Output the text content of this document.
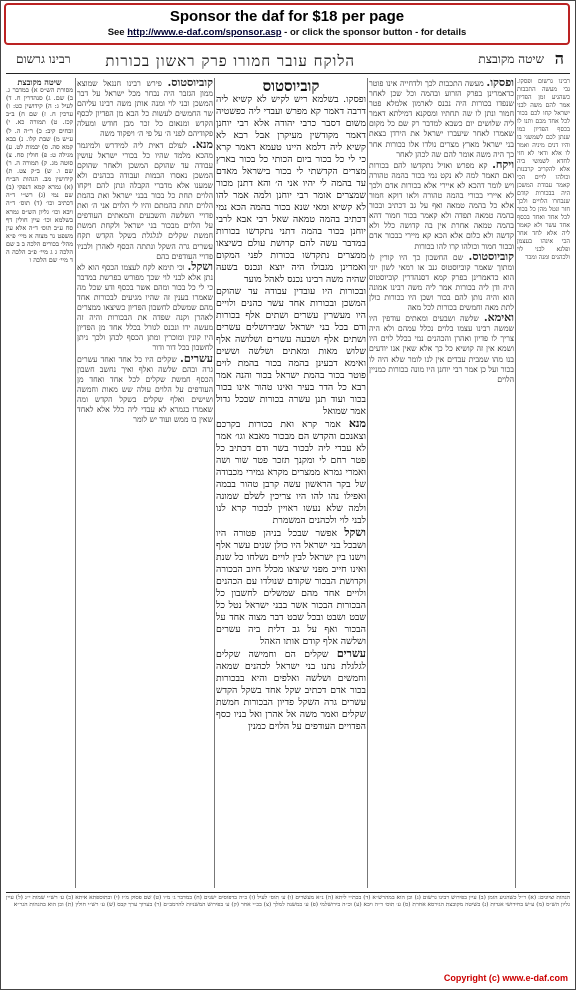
Sponsor the daf for $18 per page
See http://www.e-daf.com/sponsor.asp - or click the sponsor button - for details
ה
שיטה מקובצת
הלוקח עובר חמורו פרק ראשון בכורות
רבינו גרשום

רבינו גרשום ופסקו. גבי מעשה התכבות כשהגיע זמן הפדיון אמר להם משה לבני ישראל קחו לכם בכור לכל אחד מכם ותנו לו בכסף הפדיון כמו שנתן לכם לשמשני בו והיו דנים מיניה ואמר לו אלא ודאי לא חזי לחדא לשמשי ביה אלא להקריב קרבנות וכולהו לויים הכי קאמר עבודת המשכן היה בבכורות קודם שנבחרו הלויים ולכך חזר ונטל מהן כל בכור לכל אחד ואחד בכסף אחד עשר ולא קאמר ליה אלא לחד אחר הכי אינהו בעצמן ופלגא לבני לוי ולכהנים ומנה ומכר

ופסקו. מעשה התכבות לכך ולדחייה אינו פוטר כדאמרינן בפרק הזרוע ובהמה וכל שכן לאחר שנפדו בכורות היה נכנס לארמון אלמלא פטר חמור ונתן לו שה תחתיו ומסקנא דמילתא דאמר ליה שלושים יום כשבא למדבר רק שם כל מקום שאמרו לאחר שיעברו ישראל את הירדן בצאת בני ישראל מארץ מצרים נולדו אלו בכורות אחר כך היה משה אומר להם שה לכהן לאחר

ויקח. קא מפרש ואזיל נתקדשו להם בכורות ואם תאמר למה לא נקט נמי בכור בהמה טהורה ויש לומר דהכא לא איירי אלא בכורות אדם ולכך לא איירי בכורי בהמה טהורה ולאו דוקא חמור אלא כל בהמה טמאה ואף על גב דכתיב ובכור בהמה טמאה תפדה ולא קאמר בכור חמור דהא בהמה טמאה אחרת אין בה קדושה כלל ולא קדשה ולא כלום אלא הכא קא מיירי בבכור אדם ובכור חמור וכולהו קרו להו בכורות

קוביוסטוס. שם החשבון כך היו קורין לו ומתוך שאמר קוביוסטוס גנב או רמאי לשון יוני הוא כדאמרינן בפרק קמא דסנהדרין קוביוסטוס היה ודן ליה בכורות אמר ליה משה רבינו אמונה הוא והיה נותן להם בכור ושכן היו בכורות כולן לתת מאה וחמשים בכורות לכל מאה

ואימא. שלשה ושבעים ומאתים עודפין היו שמשה רבינו עצמו בלוים נכלל עמהם ולא היה צריך לו פדיון ואהרן והכהנים נמי בכלל לוים היו ושמא אין זה קושיא כל כך אלא שאין אנו יודעים בנו מהו שמבית עבדים אין לנו לומר שלא היה לו בכור ועל כן אמר רבי יוחנן היו מונה בכורות כמניין הלוים

קוביוסטוס

ופסקו. בשלמא ריש לקיש לא קשיא ליה דרבה דאמר קא מפרש ועבדי ליה כפשטיה משום דסבר כרבי יהודה אלא רבי יוחנן דאמר מקודשין מעיקרן אבל רבא לא קשיא ליה דלמא היינו טעמא דאמר קרא כי לי כל בכור ביום הכותי כל בכור בארץ מצרים הקדשתי לי בכור בישראל מאדם עד בהמה לי יהיו אני ה׳ והא דתנן מכור שמצרים אומר רבי יוחנן ולמה אמר להו לא קשיא ומאי שנא בכור בהמה הכא נמי דכתיב בהמה טמאה שאל רבי אבא לרבי יוחנן בכור בהמה דתני נתקדשו בכורות במדבר עשה להם קדושת עולם כשיצאו ממצרים נתקדשו בכורות לפני המקום ואמרינן מגבולו היה יוצא ונכנס בשעה שהיה משה רבינו נכנס לאהל מועד

ובכורות היו עובדין עבודה עד שהוקם המשכן ובכורות אחד עשר כהנים ולויים היו מעשרין עשרים ושתים אלף בכורות ודם בכל בני ישראל שבירושלים עשרים ושתים אלף ושבעה עשרים ושלושה אלף שלוש מאות ומאתים ושלשה וששים ואימא דבעינן בהמה בכור בהמת לוים פוטר בכור בהמת ישראל בכור והנה אמר רבא כל הדר בעיר ואינו טהור אינו בכור בכור ועוד תנן עשרה בכורות שבכל גדול אמר שמואל

מנא אמר קרא ואת בכורות בקרכם וצאנכם והקדש הם מבכור מאבא וגו׳ אמר לא עבדי ליה לבכור בשר ודם דכתיב כל פטר רחם לי ומקנך תזכר פטר שור ושה ואמרי גמרא ממצרים מקרא גמירי מכבודה של בקר הראשון עשה קרבן טהור בבמה ואפילו נהו להו היו צריכין לשלם שמונה ולמה שלא נעשו ראויין לבכור קרא לנו לבני לוי ולכהנים המשמרת

ושקל אפשר שבכל בניהן פטורה היו ושבכל בני ישראל היו כולן שנים עשר אלף וישנו בין ישראל לבין לויים נשלחו כל שנת ואינו חייב מפני שיצאו מכלל חיוב הבכורה וקדושת הבכור שקודם שנולדו עם הכהנים ולויים אחד מהם שמשלים לחשבון כל הבכורות הבכור אשר בבני ישראל נטל כל שבט ושבט ובכל שבט דבר מצוה אחד על הבכור ואף על גב דלית ביה עשרים ושלשה אלף קודם אותו האהל

עשרים שקלים הם וחמישה שקלים לגלגלת נתנו בני ישראל לכהנים שמאה וחמשים ושלשה ואלפים והיא בבכורות בכור אדם דכתיב שקל אחד בשקל הקדש עשרים גרה השקל פדיון הבכורות חמשת שקלים ואמר משה אל אהרן ואל בניו כסף הפדויים העודפים על הלוים כמנין

קוביוסטוס. פירש רבינו חננאל שמוצא ממון הגזבר היה נבחר מכל ישראל על דבר המשכן ובני לוי ומנה אותן משה רבינו עליהם שר החמשים לעשות כל הבא מן הפדיון לכסף הקדש ומנאום כל זכר מבן חודש ומעלה פקודיהם לפני ה׳ על פי ה׳ ויפקוד משה

מנא. לעולם דאית ליה למידרש ולמיגמר מהכא מלמד שהיו כל בכורי ישראל עושין עבודה עד שהוקם המשכן ולאחר שהוקם המשכן נאסרו הבמות ועבודה בכהנים ולא שמענו אלא מדברי הקבלה ונתן להם ויקחו הלוים תחת כל בכור בבני ישראל ואת בהמת הלוים תחת בהמתם והיו לי הלוים אני ה׳ ואת פדויי השלשה והשבעים והמאתים העודפים על הלוים מבכור בני ישראל ולקחת חמשת חמשת שקלים לגלגלת בשקל הקדש תקח עשרים גרה השקל ונתתה הכסף לאהרן ולבניו פדויי העודפים בהם

ושקל. וכי תימא לקח לעצמו הכסף הוא לא נתן אלא לבני לוי שכך מפורש בפרשת במדבר כי לי כל בכור ומהם אשר בכסף ודע שכל מה שאמרו בענין זה שהיו מגיעים לבכורות אחד מהם שמשלם לחשבון הפדיון כשיצאו ממצרים לאהרן וקנה שפדה את הבכורות והיה זה מעשה ידו ונכנס לגורל בכלל אחד מן הפדיון היו קונין ומוכרין ומתן הכסף לכהן ולכך ניתן לחשבון בכל דור ודור

עשרים. שקלים היו כל אחד ואחד עשרים גרה ובהם שלשה ואלף ואיך נחשב חשבון הכסף חמשת שקלים לכל אחד ואחד מן העודפים על הלוים עולה שש מאות וחמשה ושישים ואלף שקלים בשקל הקדש ומה שאמרו בגמרא לא עבדי ליה כלל אלא לאחד שאין בו ממש ועוד יש לומר

שיטה מקובצת

מסורת הש״ס א) במדבר ג. ב) שם. ג) סנהדרין ח. ד) לעיל ג: ה) קידושין כט: ו) ערכין ח. ז) שם ח) ב״ב קכז. ט) תמורה כא. י) זבחים קיב: כ) ר״ה ה. ל) ע״ש מ) שבת קלו. נ) בבא קמא סה. ס) יבמות לט. ע) מגילה ט: פ) חולין סח. צ) סוטה מג. ק) תמורה ה. ר) שם ו. ש) ב״ק צט. ת) קידושין מב. הגהות הב״ח (א) גמרא קמא דנפקי (ב) שם נמי (ג) רש״י ד״ה דכתיב וכו׳ (ד) תוס׳ ד״ה ויבא וכו׳ גליון הש״ס גמרא בשלמא וכו׳ עיין חולין דף סח ע״ב תוס׳ ד״ה אלא עין משפט נר מצוה א מיי׳ פ״א מהל׳ בכורים הלכה ב ב שם הלכה ג ג מיי׳ פ״ב הלכה ה ד מיי׳ שם הלכה ו

הגהות וציונים: (א) ר״ל כשהגיע הזמן (ב) עיין בפירוש רבינו גרשום (ג) וכן הוא במהרש״א (ד) בכת״י ליתא (ה) נ״א מעשרים (ו) ע׳ תוס׳ לעיל (ז) כ״ה בדפוסים ישנים (ח) במדבר ג׳ מ״ו (ט) שם פסוק מ״ז (י) ובתוספתא איתא (כ) ע׳ רש״י שמות י״ג (ל) עיין גליון הש״ס (מ) ע״ש בחידושי אגדות (נ) בשיטה מקובצת הגירסא אחרת (ס) ע׳ תוס׳ ד״ה ויבא (ע) וכ״ה בירושלמי (פ) ע׳ במשנה למלך (צ) בכ״י אחר (ק) ע׳ בפירוש המשניות להרמב״ם (ר) בערוך ערך קבס (ש) ע׳ רש״י חולין (ת) וכן הוא בהגהות הגר״א
Copyright (c) www.e-daf.com
